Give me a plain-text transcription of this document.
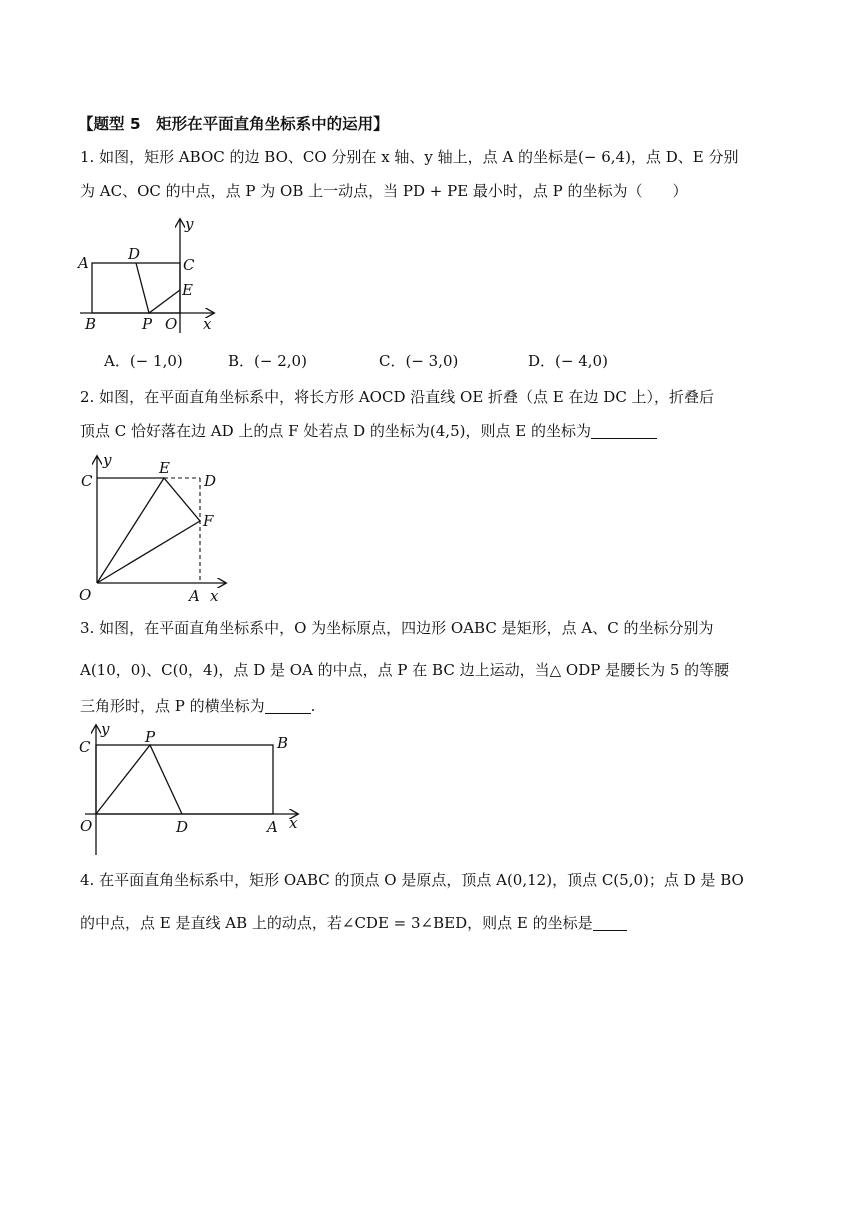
【题型 5　矩形在平面直角坐标系中的运用】
1. 如图，矩形 ABOC 的边 BO、CO 分别在 x 轴、y 轴上，点 A 的坐标是(− 6,4)，点 D、E 分别
为 AC、OC 的中点，点 P 为 OB 上一动点，当 PD + PE 最小时，点 P 的坐标为（　　）
y
A	D
C
E
B	P O x
A．(− 1,0)	B．(− 2,0)	C．(− 3,0)	D．(− 4,0)
2. 如图，在平面直角坐标系中，将长方形 AOCD 沿直线 OE 折叠（点 E 在边 DC 上），折叠后
顶点 C 恰好落在边 AD 上的点 F 处若点 D 的坐标为(4,5)，则点 E 的坐标为
y
C
E
D
F
O	A x
3. 如图，在平面直角坐标系中，O 为坐标原点，四边形 OABC 是矩形，点 A、C 的坐标分别为
A(10，0)、C(0，4)，点 D 是 OA 的中点，点 P 在 BC 边上运动，当△ ODP 是腰长为 5 的等腰
三角形时，点 P 的横坐标为	.
y
C
P	B
O	D	A x
4. 在平面直角坐标系中，矩形 OABC 的顶点 O 是原点，顶点 A(0,12)，顶点 C(5,0)；点 D 是 BO
的中点，点 E 是直线 AB 上的动点，若∠CDE = 3∠BED，则点 E 的坐标是
